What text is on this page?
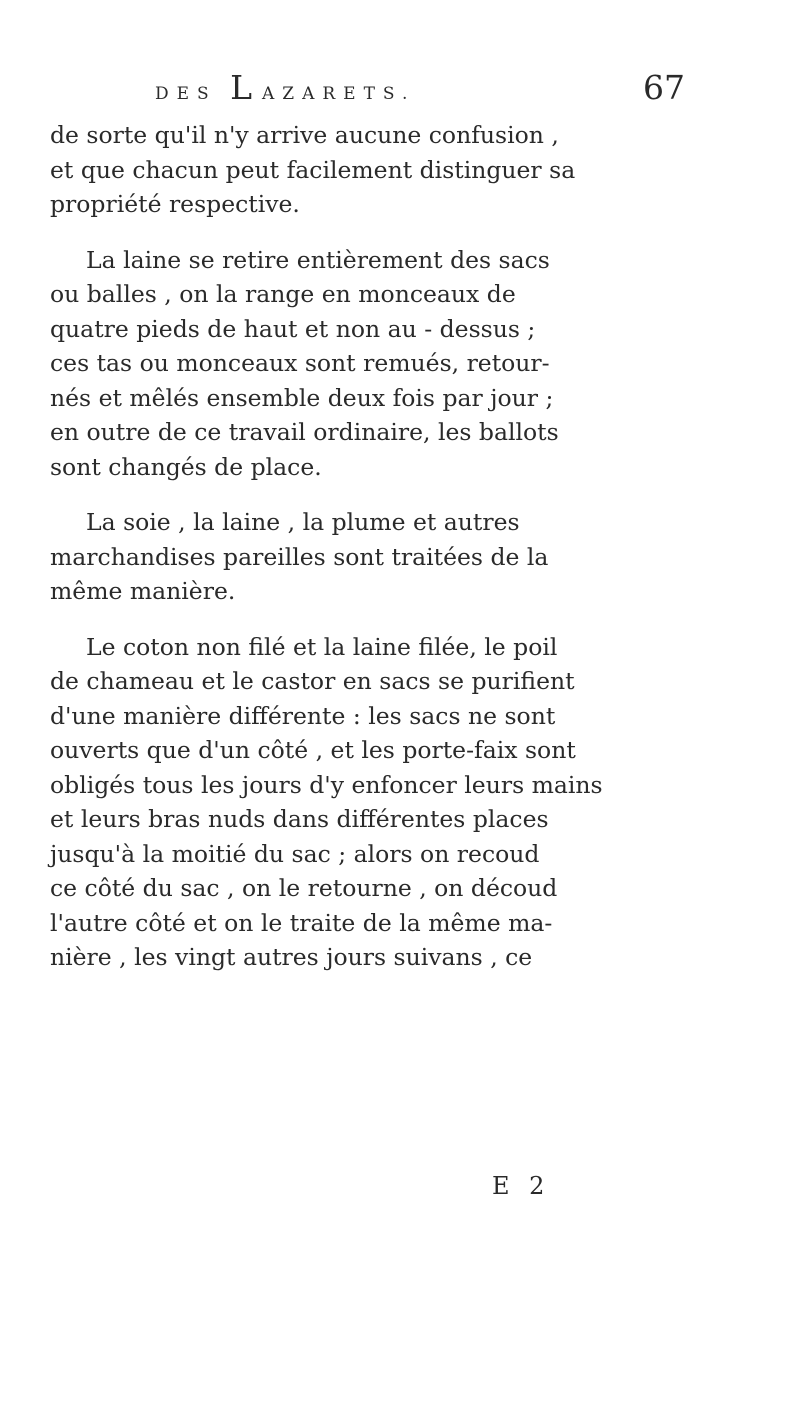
DES LAZARETS.	67
de sorte qu'il n'y arrive aucune confusion ,
et que chacun peut facilement distinguer sa
propriété respective.
La laine se retire entièrement des sacs
ou balles , on la range en monceaux de
quatre pieds de haut et non au - dessus ;
ces tas ou monceaux sont remués, retour-
nés et mêlés ensemble deux fois par jour ;
en outre de ce travail ordinaire, les ballots
sont changés de place.
La soie , la laine , la plume et autres
marchandises pareilles sont traitées de la
même manière.
Le coton non filé et la laine filée, le poil
de chameau et le castor en sacs se purifient
d'une manière différente : les sacs ne sont
ouverts que d'un côté , et les porte-faix sont
obligés tous les jours d'y enfoncer leurs mains
et leurs bras nuds dans différentes places
jusqu'à la moitié du sac ; alors on recoud
ce côté du sac , on le retourne , on découd
l'autre côté et on le traite de la même ma-
nière , les vingt autres jours suivans , ce
E 2
